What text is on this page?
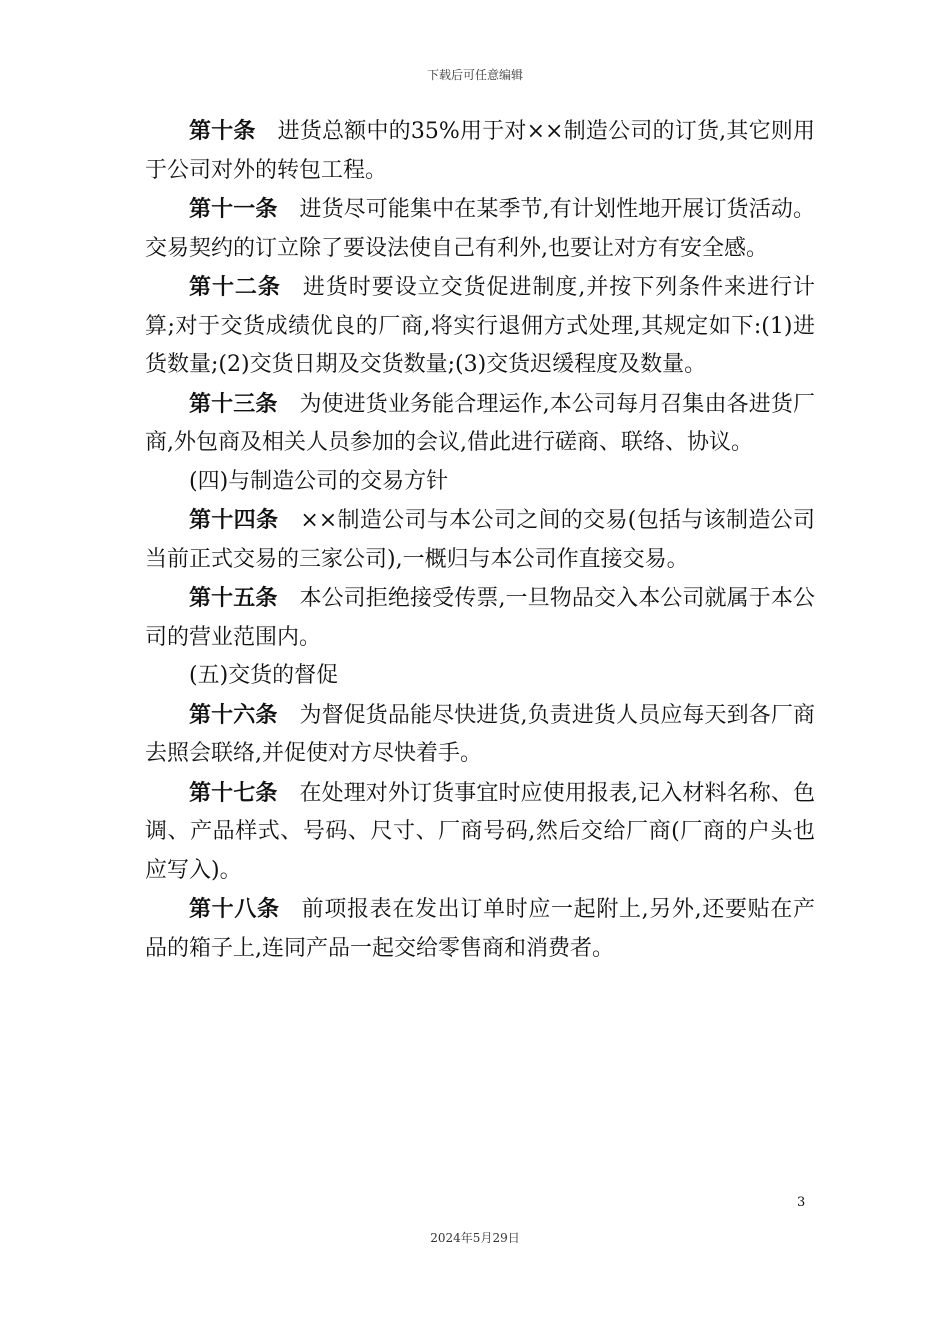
下载后可任意编辑

第十条 进货总额中的35%用于对××制造公司的订货,其它则用于公司对外的转包工程。

第十一条 进货尽可能集中在某季节,有计划性地开展订货活动。交易契约的订立除了要设法使自己有利外,也要让对方有安全感。

第十二条 进货时要设立交货促进制度,并按下列条件来进行计算;对于交货成绩优良的厂商,将实行退佣方式处理,其规定如下:(1)进货数量;(2)交货日期及交货数量;(3)交货迟缓程度及数量。

第十三条 为使进货业务能合理运作,本公司每月召集由各进货厂商,外包商及相关人员参加的会议,借此进行磋商、联络、协议。

(四)与制造公司的交易方针

第十四条 ××制造公司与本公司之间的交易(包括与该制造公司当前正式交易的三家公司),一概归与本公司作直接交易。

第十五条 本公司拒绝接受传票,一旦物品交入本公司就属于本公司的营业范围内。

(五)交货的督促

第十六条 为督促货品能尽快进货,负责进货人员应每天到各厂商去照会联络,并促使对方尽快着手。

第十七条 在处理对外订货事宜时应使用报表,记入材料名称、色调、产品样式、号码、尺寸、厂商号码,然后交给厂商(厂商的户头也应写入)。

第十八条 前项报表在发出订单时应一起附上,另外,还要贴在产品的箱子上,连同产品一起交给零售商和消费者。

3
2024年5月29日
